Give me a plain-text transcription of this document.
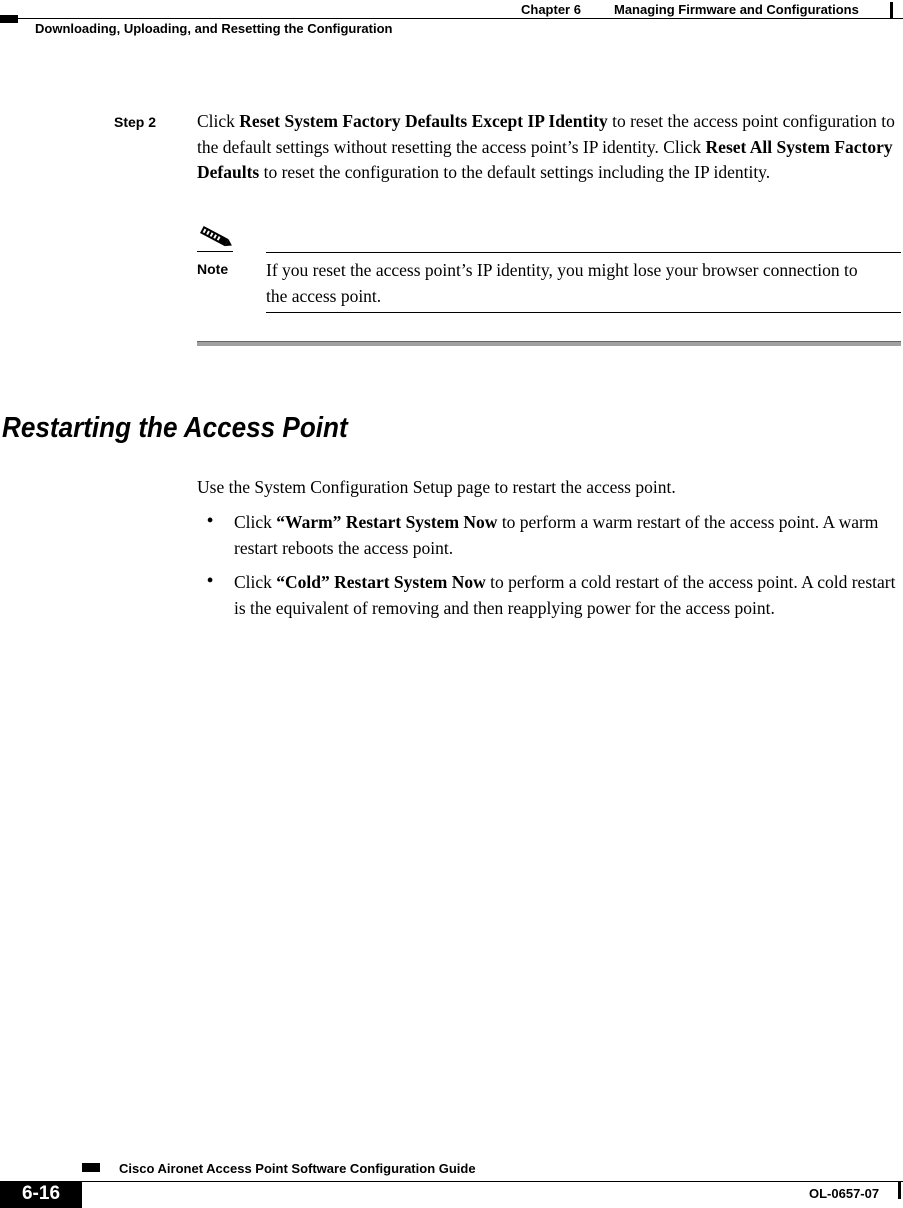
Chapter 6	Managing Firmware and Configurations
Downloading, Uploading, and Resetting the Configuration
Step 2 Click Reset System Factory Defaults Except IP Identity to reset the access point configuration to the default settings without resetting the access point’s IP identity. Click Reset All System Factory Defaults to reset the configuration to the default settings including the IP identity.

Note If you reset the access point’s IP identity, you might lose your browser connection to the access point.

Restarting the Access Point

Use the System Configuration Setup page to restart the access point.

• Click “Warm” Restart System Now to perform a warm restart of the access point. A warm restart reboots the access point.

• Click “Cold” Restart System Now to perform a cold restart of the access point. A cold restart is the equivalent of removing and then reapplying power for the access point.

Cisco Aironet Access Point Software Configuration Guide
6-16	OL-0657-07
